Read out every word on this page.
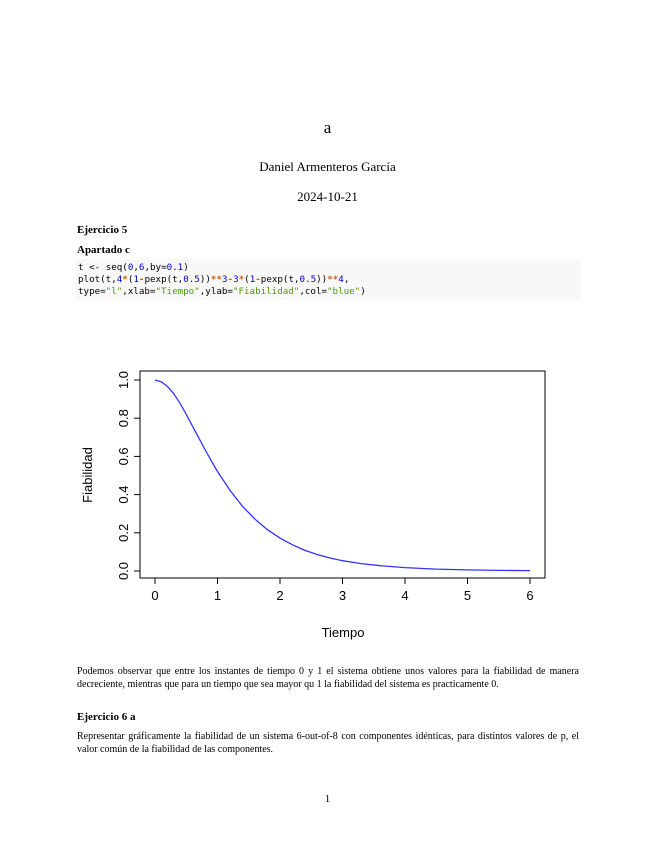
a
Daniel Armenteros García
2024-10-21
Ejercicio 5
Apartado c
t <- seq(0,6,by=0.1)
plot(t,4*(1-pexp(t,0.5))**3-3*(1-pexp(t,0.5))**4,
type="l",xlab="Tiempo",ylab="Fiabilidad",col="blue")
0	1	2	3	4	5	6
0.0
0.2
0.4
0.6
0.8
1.0
Tiempo
Fiabilidad
Podemos observar que entre los instantes de tiempo 0 y 1 el sistema obtiene unos valores para la fiabilidad de manera decreciente, mientras que para un tiempo que sea mayor qu 1 la fiabilidad del sistema es practicamente 0.
Ejercicio 6 a
Representar gráficamente la fiabilidad de un sistema 6-out-of-8 con componentes idénticas, para distintos valores de p, el valor común de la fiabilidad de las componentes.
1
